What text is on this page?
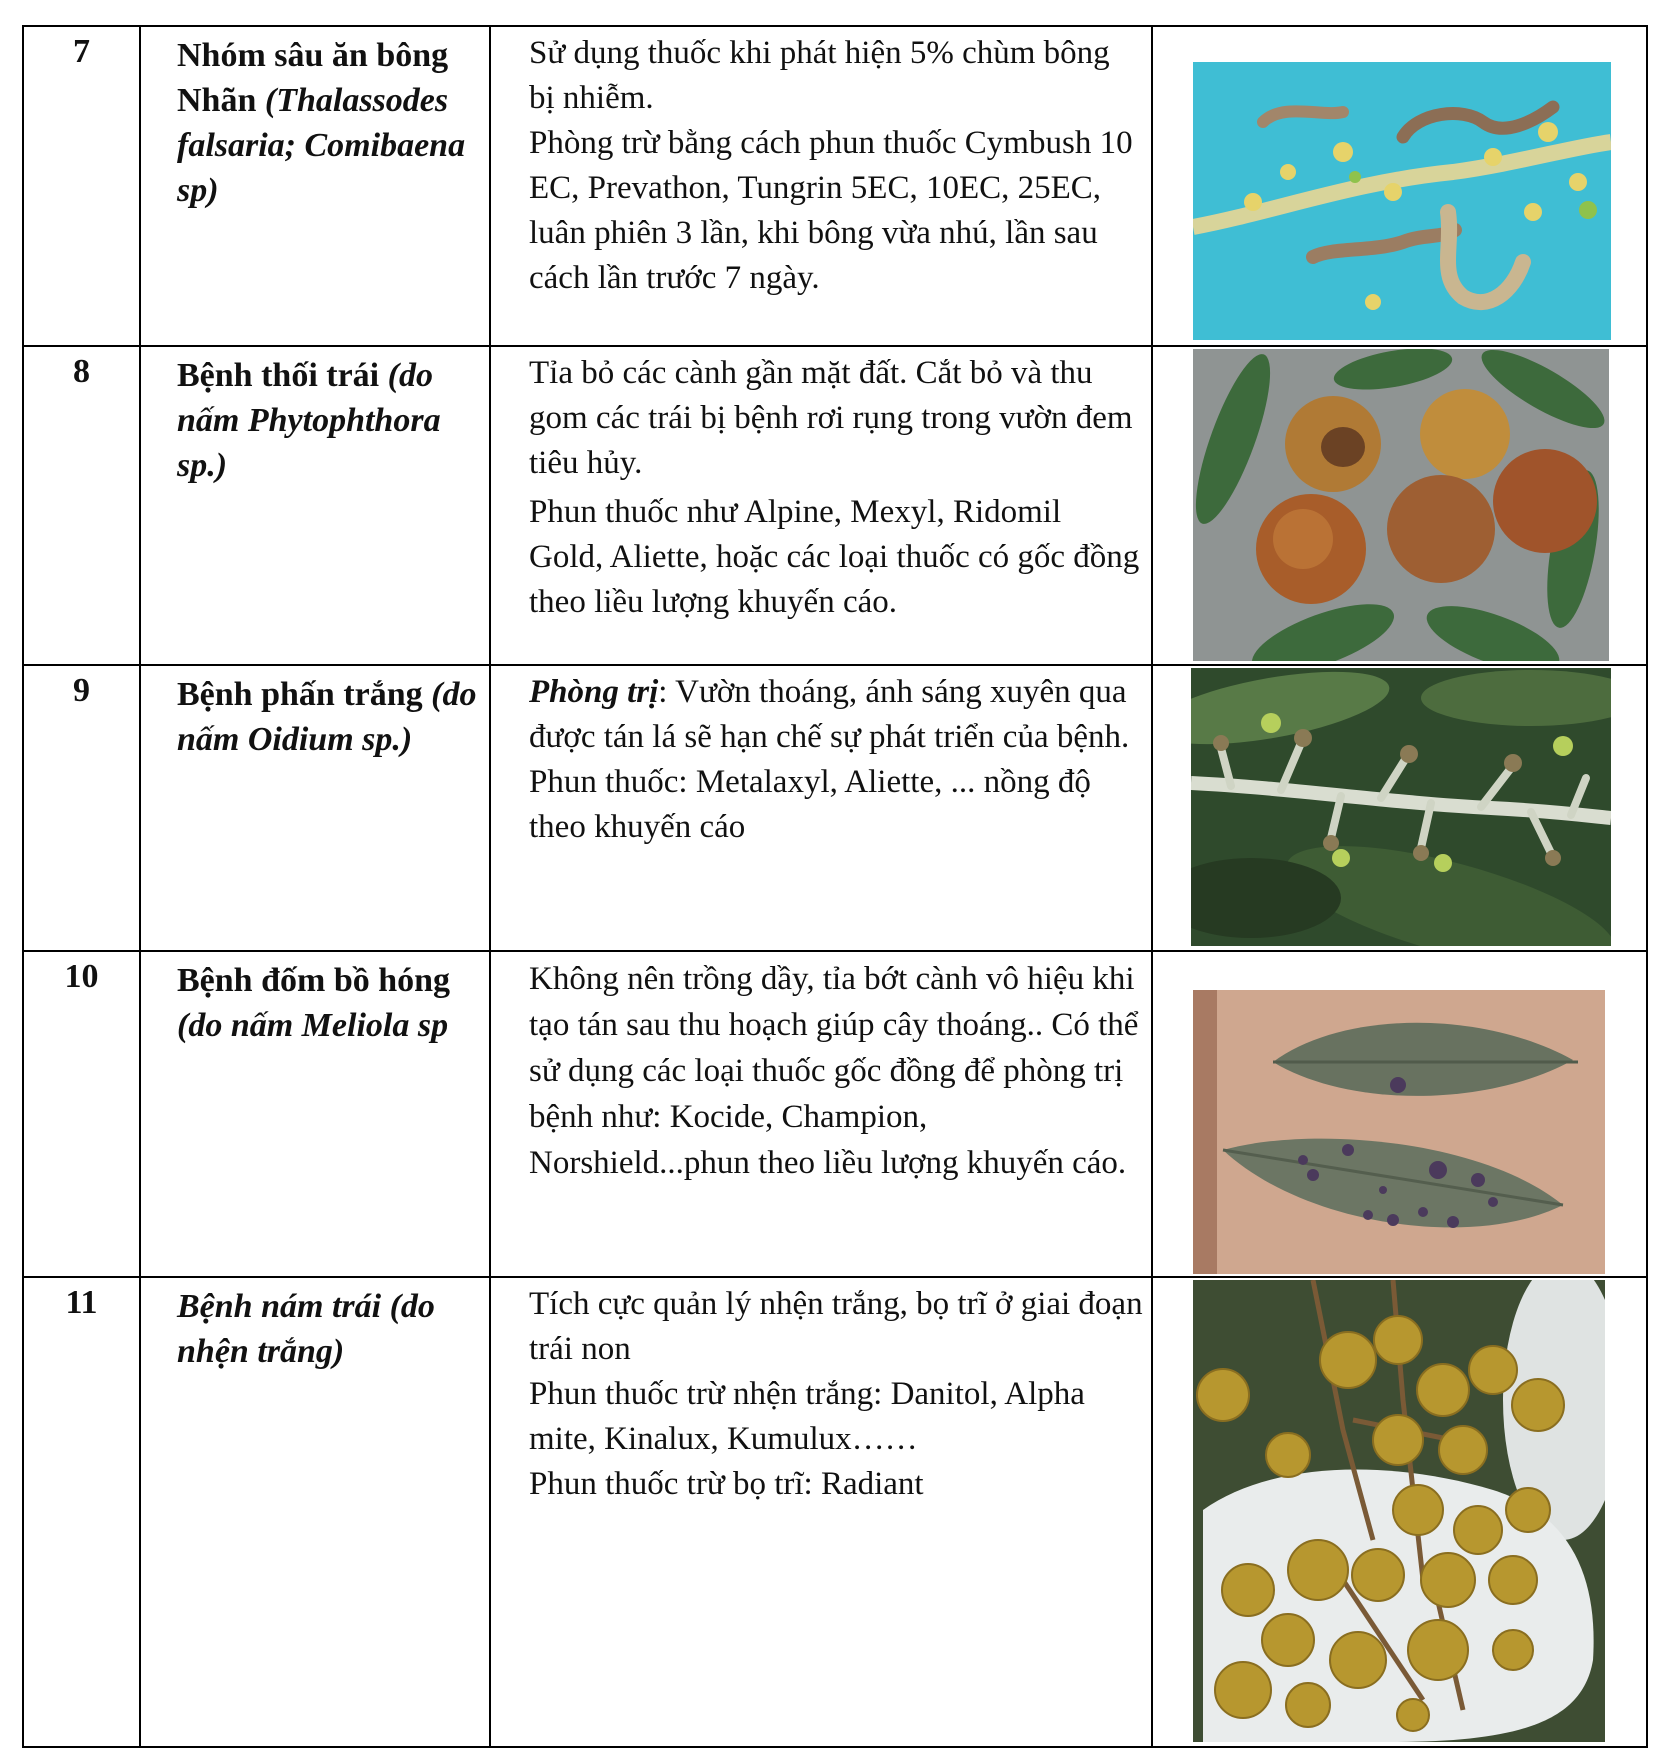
7	Nhóm sâu ăn bông Nhãn (Thalassodes falsaria; Comibaena sp)	Sử dụng thuốc khi phát hiện 5% chùm bông bị nhiễm.

Phòng trừ bằng cách phun thuốc Cymbush 10 EC, Prevathon, Tungrin 5EC, 10EC, 25EC, luân phiên 3 lần, khi bông vừa nhú, lần sau cách lần trước 7 ngày.

8	Bệnh thối trái (do nấm Phytophthora sp.)	Tỉa bỏ các cành gần mặt đất. Cắt bỏ và thu gom các trái bị bệnh rơi rụng trong vườn đem tiêu hủy.

Phun thuốc như Alpine, Mexyl, Ridomil Gold, Aliette, hoặc các loại thuốc có gốc đồng theo liều lượng khuyến cáo.

9	Bệnh phấn trắng (do nấm Oidium sp.)	Phòng trị: Vườn thoáng, ánh sáng xuyên qua được tán lá sẽ hạn chế sự phát triển của bệnh. Phun thuốc: Metalaxyl, Aliette, ... nồng độ theo khuyến cáo

10	Bệnh đốm bồ hóng (do nấm Meliola sp	Không nên trồng dầy, tỉa bớt cành vô hiệu khi tạo tán sau thu hoạch giúp cây thoáng.. Có thể sử dụng các loại thuốc gốc đồng để phòng trị bệnh như: Kocide, Champion, Norshield...phun theo liều lượng khuyến cáo.

11	Bệnh nám trái (do nhện trắng)	Tích cực quản lý nhện trắng, bọ trĩ ở giai đoạn trái non

Phun thuốc trừ nhện trắng: Danitol, Alpha mite, Kinalux, Kumulux……

Phun thuốc trừ bọ trĩ: Radiant
